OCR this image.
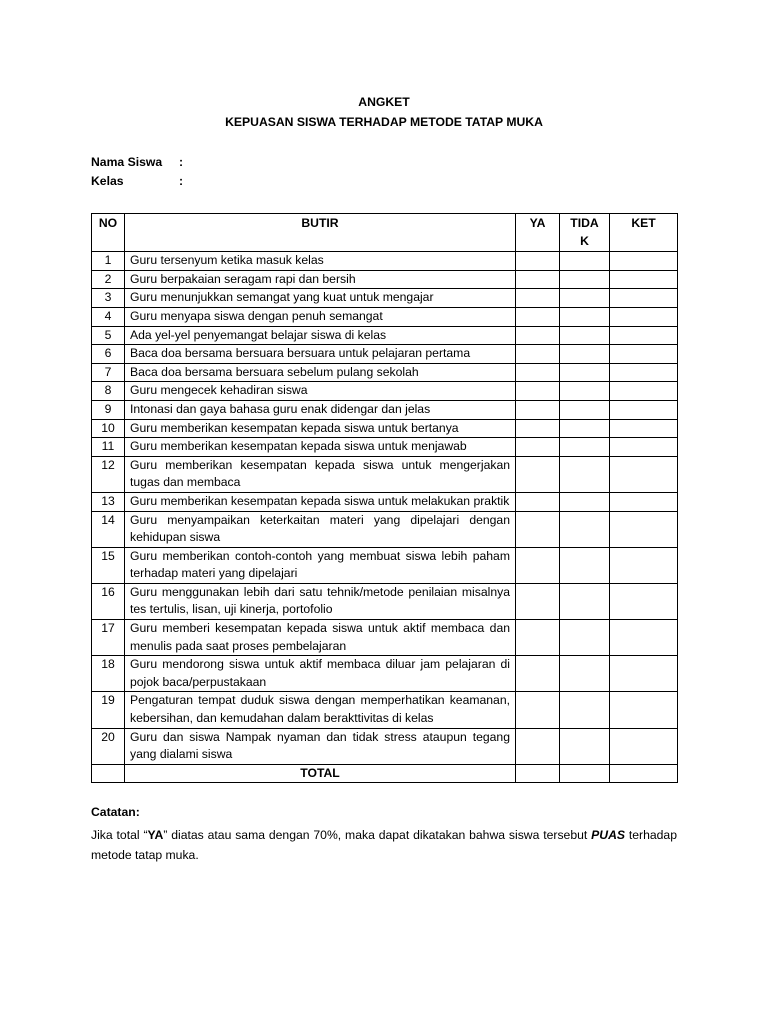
ANGKET
KEPUASAN SISWA TERHADAP METODE TATAP MUKA
Nama Siswa :
Kelas	:
NO	BUTIR	YA	TIDAK	KET
1	Guru tersenyum ketika masuk kelas			
2	Guru berpakaian seragam rapi dan bersih			
3	Guru menunjukkan semangat yang kuat untuk mengajar			
4	Guru menyapa siswa dengan penuh semangat			
5	Ada yel-yel penyemangat belajar siswa di kelas			
6	Baca doa bersama bersuara bersuara untuk pelajaran pertama			
7	Baca doa bersama bersuara sebelum pulang sekolah			
8	Guru mengecek kehadiran siswa			
9	Intonasi dan gaya bahasa guru enak didengar dan jelas			
10	Guru memberikan kesempatan kepada siswa untuk bertanya			
11	Guru memberikan kesempatan kepada siswa untuk menjawab			
12	Guru memberikan kesempatan kepada siswa untuk mengerjakan tugas dan membaca			
13	Guru memberikan kesempatan kepada siswa untuk melakukan praktik			
14	Guru menyampaikan keterkaitan materi yang dipelajari dengan kehidupan siswa			
15	Guru memberikan contoh-contoh yang membuat siswa lebih paham terhadap materi yang dipelajari			
16	Guru menggunakan lebih dari satu tehnik/metode penilaian misalnya tes tertulis, lisan, uji kinerja, portofolio			
17	Guru memberi kesempatan kepada siswa untuk aktif membaca dan menulis pada saat proses pembelajaran			
18	Guru mendorong siswa untuk aktif membaca diluar jam pelajaran di pojok baca/perpustakaan			
19	Pengaturan tempat duduk siswa dengan memperhatikan keamanan, kebersihan, dan kemudahan dalam berakttivitas di kelas			
20	Guru dan siswa Nampak nyaman dan tidak stress ataupun tegang yang dialami siswa			
	TOTAL			
Catatan:
Jika total “YA” diatas atau sama dengan 70%, maka dapat dikatakan bahwa siswa tersebut PUAS terhadap metode tatap muka.
